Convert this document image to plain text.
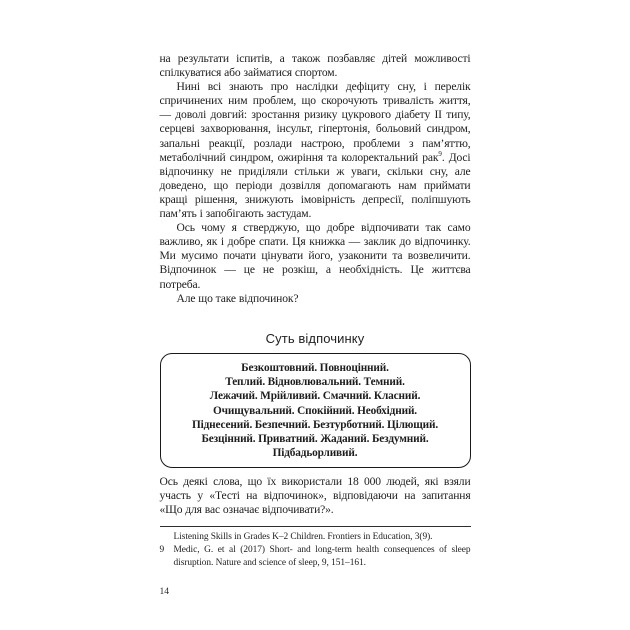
на результати іспитів, а також позбавляє дітей можливості спілкуватися або займатися спортом.

Нині всі знають про наслідки дефіциту сну, і перелік спричинених ним проблем, що скорочують тривалість життя, — доволі довгий: зростання ризику цукрового діабету II типу, серцеві захворювання, інсульт, гіпертонія, больовий синдром, запальні реакції, розлади настрою, проблеми з пам’яттю, метаболічний синдром, ожиріння та колоректальний рак$^9$. Досі відпочинку не приділяли стільки ж уваги, скільки сну, але доведено, що періоди дозвілля допомагають нам приймати кращі рішення, знижують імовірність депресії, поліпшують пам’ять і запобігають застудам.

Ось чому я стверджую, що добре відпочивати так само важливо, як і добре спати. Ця книжка — заклик до відпочинку. Ми мусимо почати цінувати його, узаконити та возвеличити. Відпочинок — це не розкіш, а необхідність. Це життєва потреба.

Але що таке відпочинок?

Суть відпочинку
Безкоштовний. Повноцінний.
Теплий. Відновлювальний. Темний.
Лежачий. Мрійливий. Смачний. Класний.
Очищувальний. Спокійний. Необхідний.
Піднесений. Безпечний. Безтурботний. Цілющий.
Безцінний. Приватний. Жаданий. Бездумний.
Підбадьорливий.

Ось деякі слова, що їх використали 18 000 людей, які взяли участь у «Тесті на відпочинок», відповідаючи на запитання «Що для вас означає відпочивати?».

Listening Skills in Grades K–2 Children. Frontiers in Education, 3(9).
9 Medic, G. et al (2017) Short- and long-term health consequences of sleep disruption. Nature and science of sleep, 9, 151–161.
14
